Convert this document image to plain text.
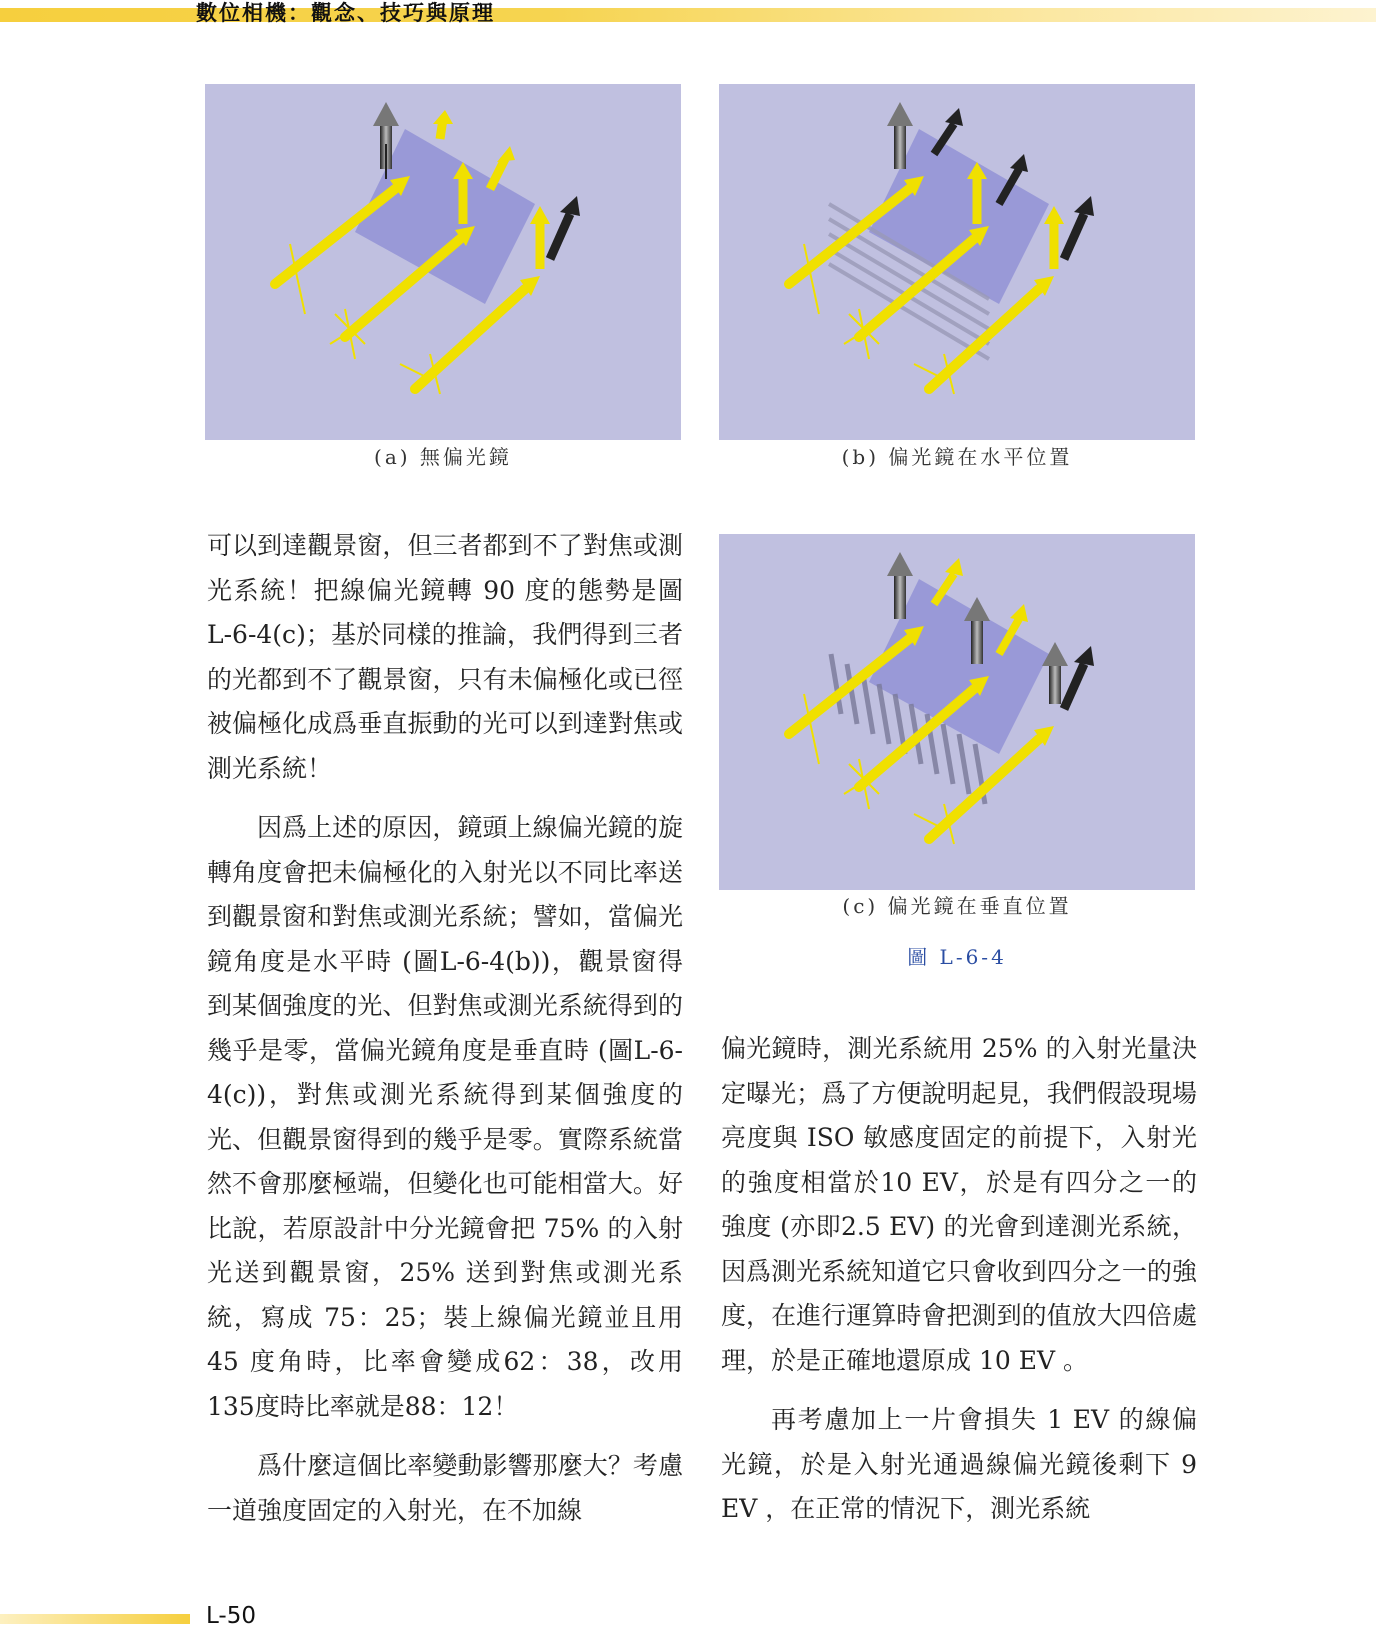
數位相機：觀念、技巧與原理
(a) 無偏光鏡	(b) 偏光鏡在水平位置
(c) 偏光鏡在垂直位置
圖 L-6-4

可以到達觀景窗，但三者都到不了對焦或測光系統！把線偏光鏡轉 90 度的態勢是圖 L-6-4(c)；基於同樣的推論，我們得到三者的光都到不了觀景窗，只有未偏極化或已徑被偏極化成爲垂直振動的光可以到達對焦或測光系統！

因爲上述的原因，鏡頭上線偏光鏡的旋轉角度會把未偏極化的入射光以不同比率送到觀景窗和對焦或測光系統；譬如，當偏光鏡角度是水平時 (圖L-6-4(b))，觀景窗得到某個強度的光、但對焦或測光系統得到的幾乎是零，當偏光鏡角度是垂直時 (圖L-6-4(c))，對焦或測光系統得到某個強度的光、但觀景窗得到的幾乎是零。實際系統當然不會那麼極端，但變化也可能相當大。好比說，若原設計中分光鏡會把 75% 的入射光送到觀景窗，25% 送到對焦或測光系統，寫成 75：25；裝上線偏光鏡並且用 45 度角時，比率會變成62：38，改用135度時比率就是88：12！

爲什麼這個比率變動影響那麼大？考慮一道強度固定的入射光，在不加線

偏光鏡時，測光系統用 25% 的入射光量決定曝光；爲了方便說明起見，我們假設現場亮度與 ISO 敏感度固定的前提下，入射光的強度相當於10 EV，於是有四分之一的強度 (亦即2.5 EV) 的光會到達測光系統，因爲測光系統知道它只會收到四分之一的強度，在進行運算時會把測到的值放大四倍處理，於是正確地還原成 10 EV 。

再考慮加上一片會損失 1 EV 的線偏光鏡，於是入射光通過線偏光鏡後剩下 9 EV ，在正常的情況下，測光系統

L-50
